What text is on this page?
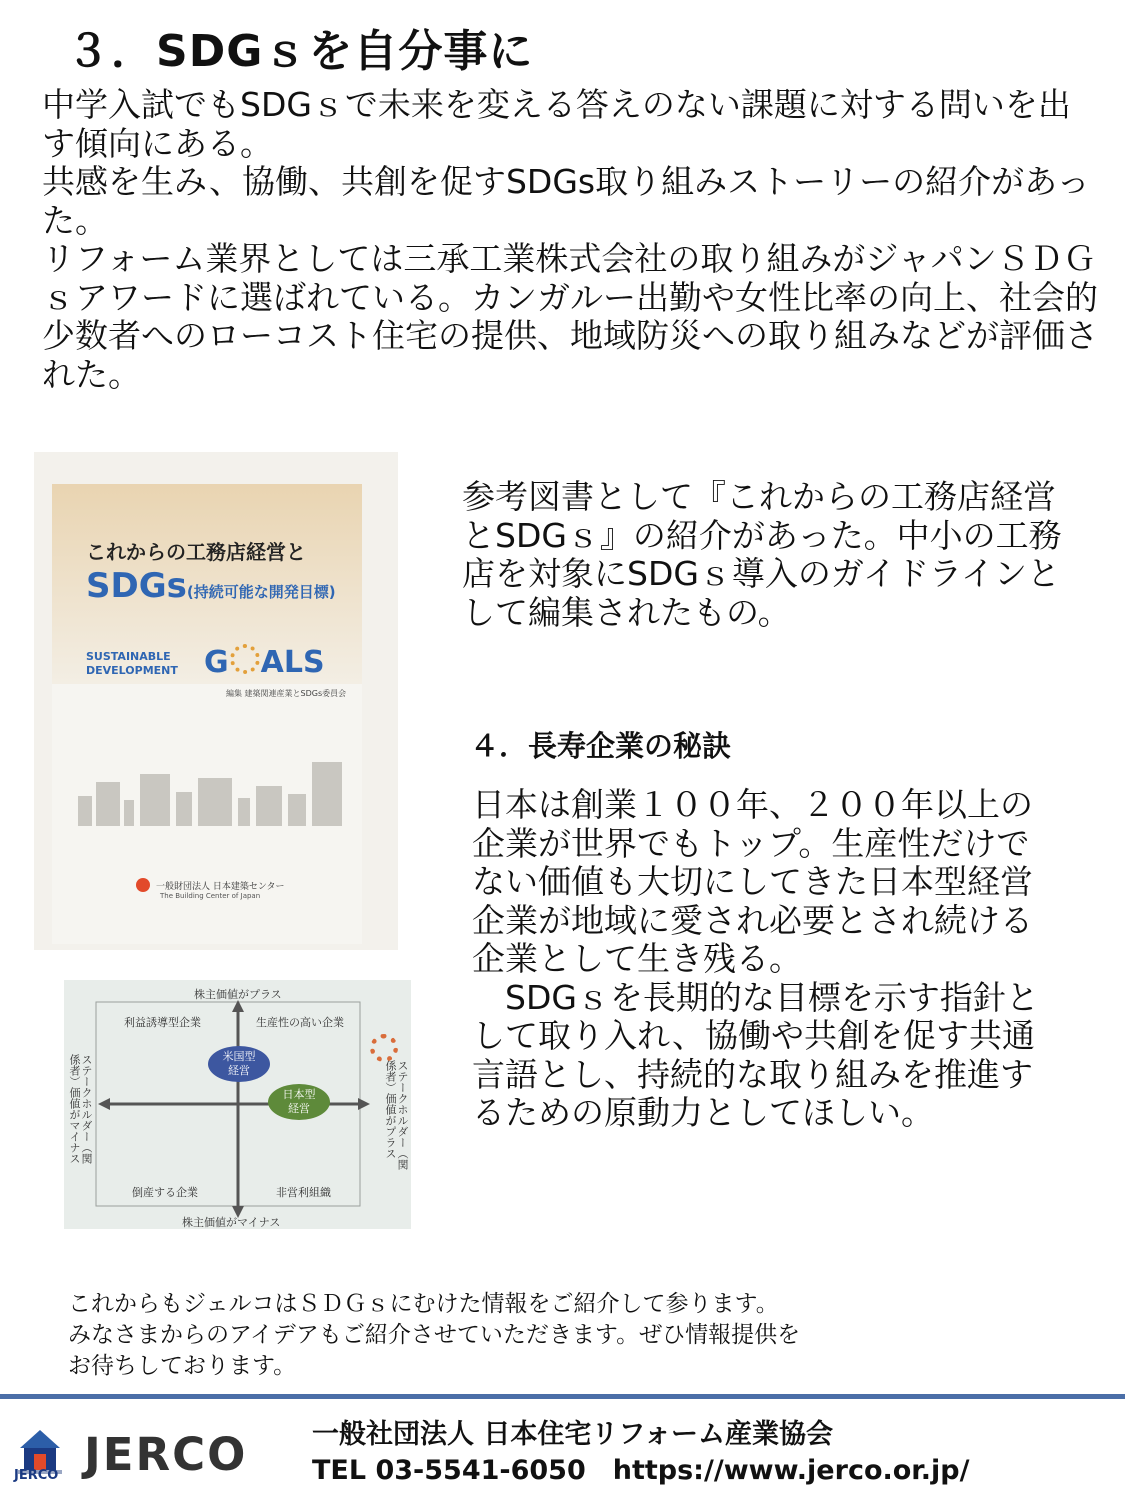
３．SDGｓを自分事に

中学入試でもSDGｓで未来を変える答えのない課題に対する問いを出す傾向にある。

共感を生み、協働、共創を促すSDGs取り組みストーリーの紹介があった。

リフォーム業界としては三承工業株式会社の取り組みがジャパンＳＤＧｓアワードに選ばれている。カンガルー出勤や女性比率の向上、社会的少数者へのローコスト住宅の提供、地域防災への取り組みなどが評価された。

これからの工務店経営と
SDGs(持続可能な開発目標)
SUSTAINABLE
DEVELOPMENT G ALS
編集 建築関連産業とSDGs委員会
一般財団法人 日本建築センター
The Building Center of Japan
参考図書として『これからの工務店経営とSDGｓ』の紹介があった。中小の工務店を対象にSDGｓ導入のガイドラインとして編集されたもの。
４．長寿企業の秘訣

日本は創業１００年、２００年以上の企業が世界でもトップ。生産性だけでない価値も大切にしてきた日本型経営企業が地域に愛され必要とされ続ける企業として生き残る。

　SDGｓを長期的な目標を示す指針として取り入れ、協働や共創を促す共通言語とし、持続的な取り組みを推進するための原動力としてほしい。

株主価値がプラス
株主価値がマイナス
利益誘導型企業	生産性の高い企業
倒産する企業	非営利組織
ステークホルダー（関係者）価値がマイナス	ステークホルダー（関係者）価値がプラス
米国型経営
日本型経営

これからもジェルコはＳＤＧｓにむけた情報をご紹介して参ります。

みなさまからのアイデアもご紹介させていただきます。ぜひ情報提供を

お待ちしております。

JERCO JERCO 一般社団法人 日本住宅リフォーム産業協会
TEL 03-5541-6050　https://www.jerco.or.jp/
